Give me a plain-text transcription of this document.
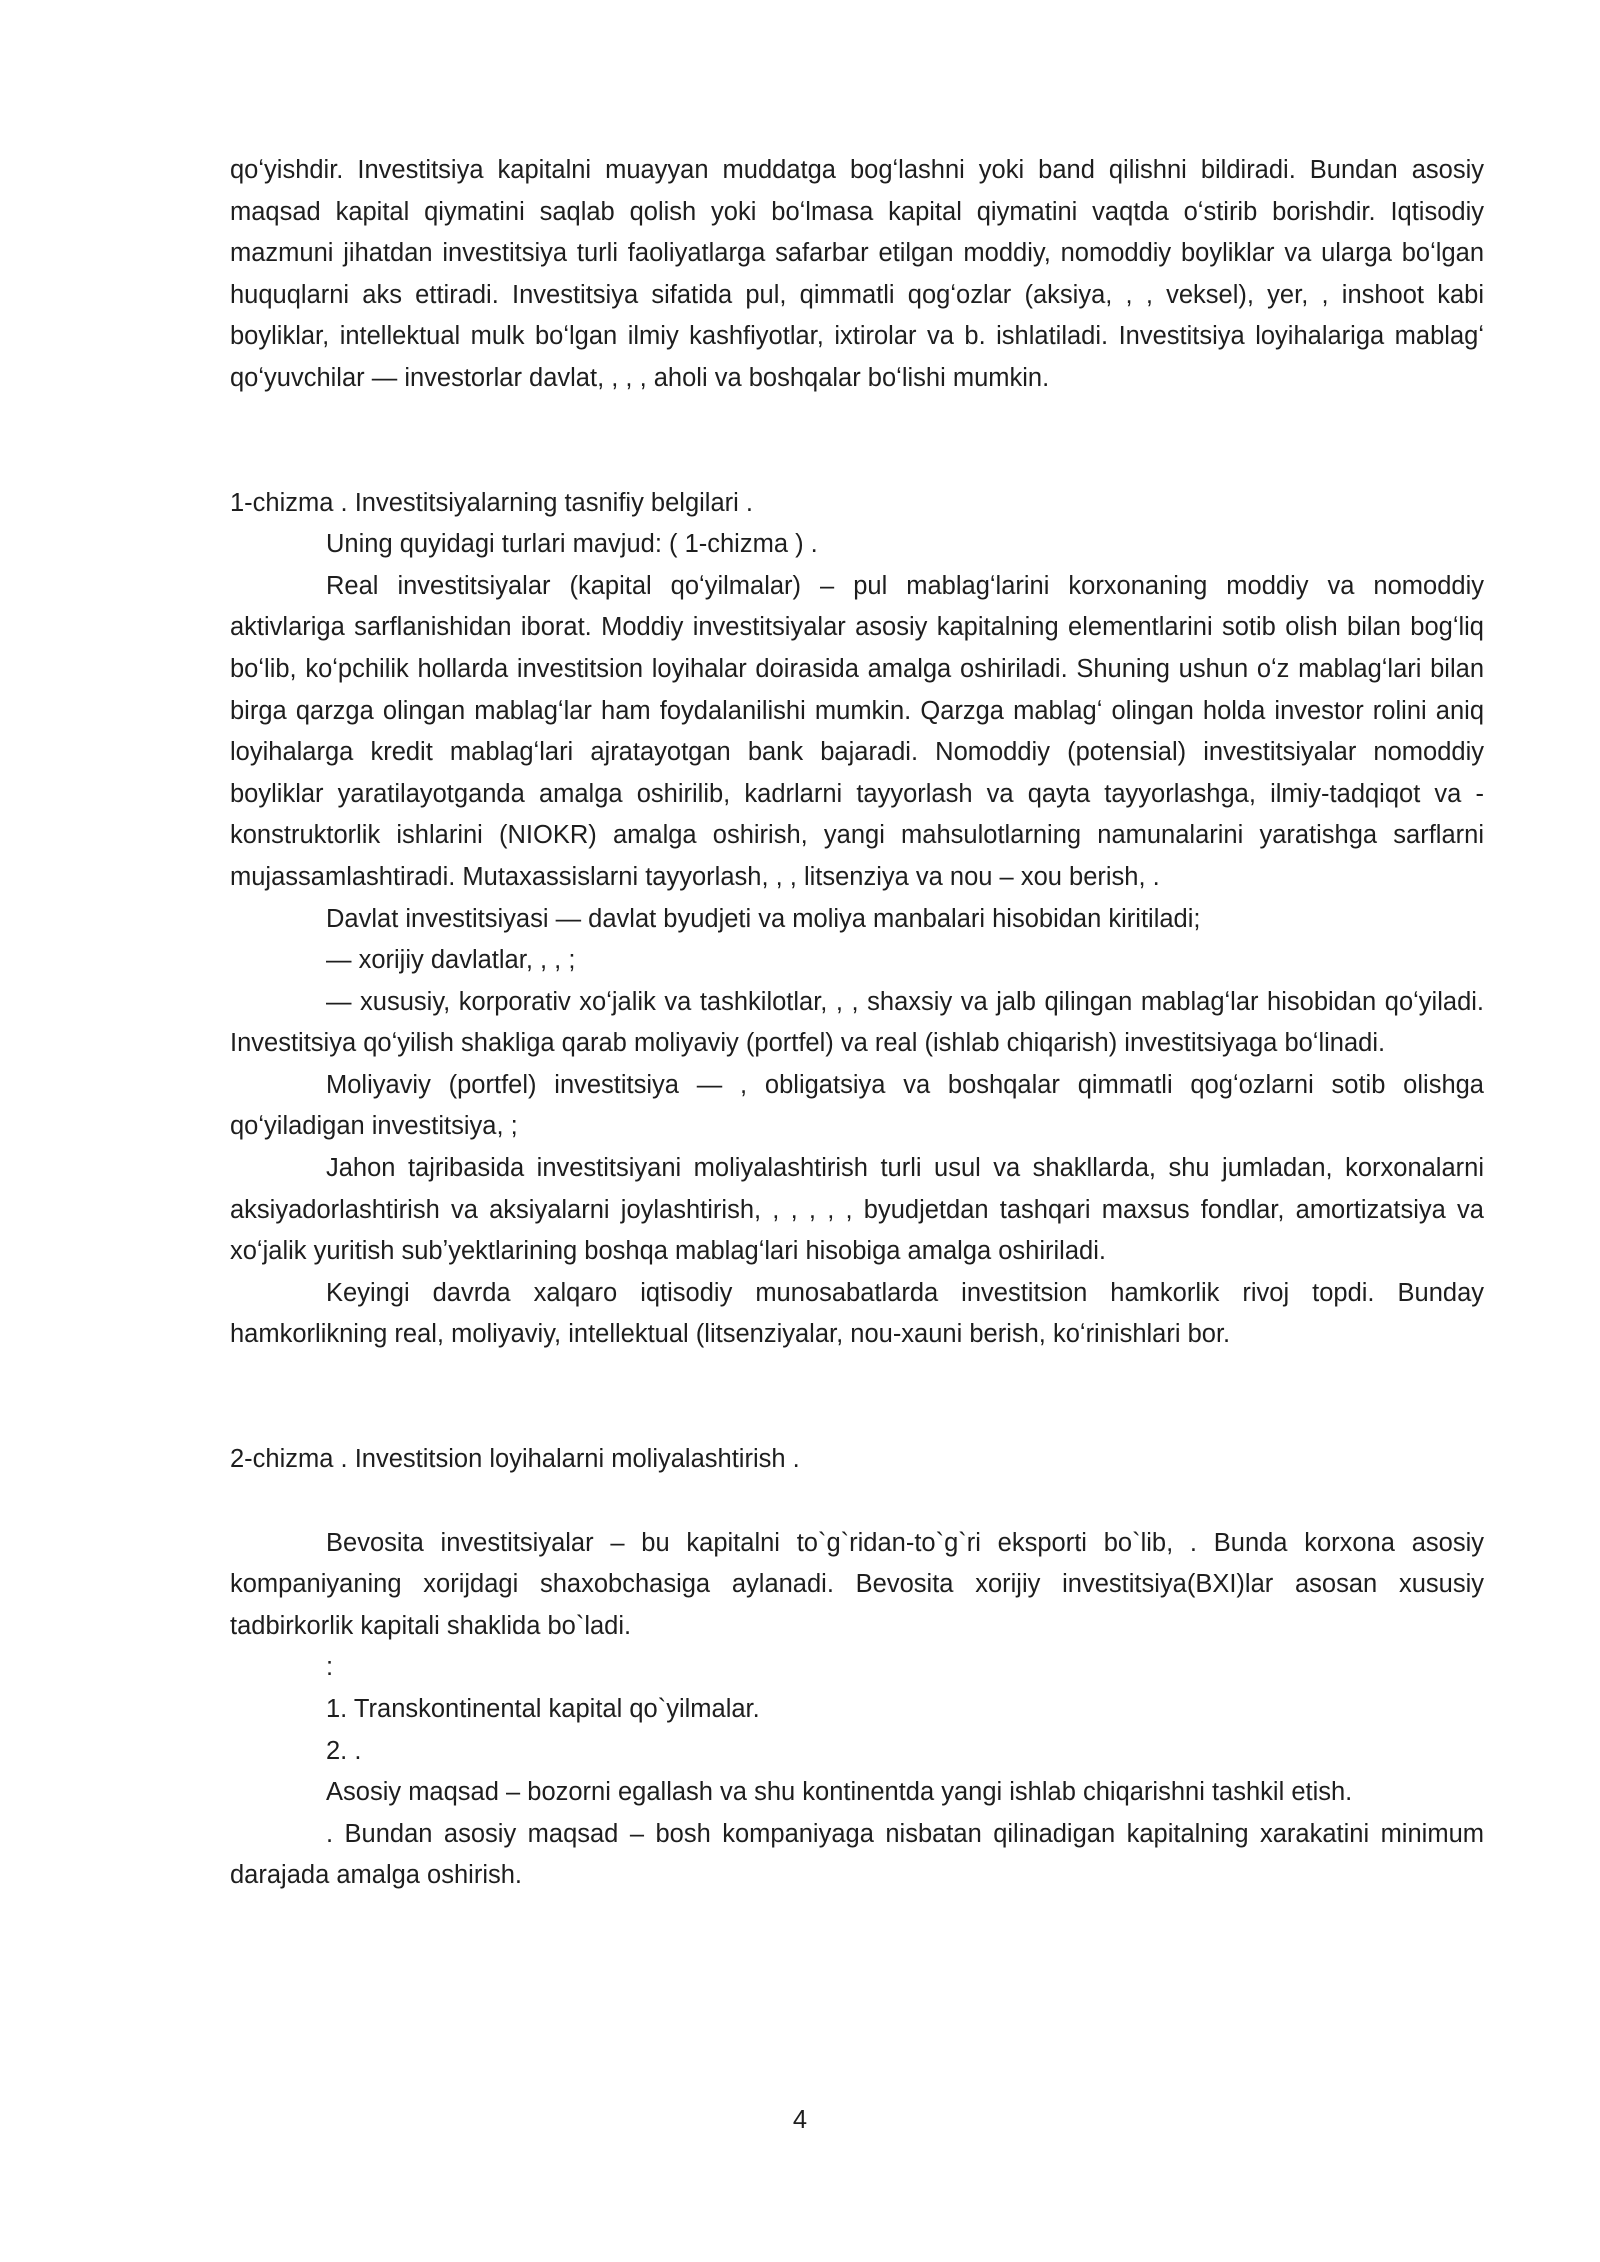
qoʻyishdir. Investitsiya kapitalni muayyan muddatga bogʻlashni yoki band qilishni bildiradi. Bundan asosiy maqsad kapital qiymatini saqlab qolish yoki boʻlmasa kapital qiymatini vaqtda oʻstirib borishdir. Iqtisodiy mazmuni jihatdan investitsiya turli faoliyatlarga safarbar etilgan moddiy, nomoddiy boyliklar va ularga boʻlgan huquqlarni aks ettiradi. Investitsiya sifatida pul, qimmatli qogʻozlar (aksiya, , , veksel), yer, , inshoot kabi boyliklar, intellektual mulk boʻlgan ilmiy kashfiyotlar, ixtirolar va b. ishlatiladi. Investitsiya loyihalariga mablagʻ qoʻyuvchilar — investorlar davlat, , , , aholi va boshqalar boʻlishi mumkin.

1-chizma . Investitsiyalarning tasnifiy belgilari .

Uning quyidagi turlari mavjud: ( 1-chizma ) .

Real investitsiyalar (kapital qoʻyilmalar) – pul mablagʻlarini korxonaning moddiy va nomoddiy aktivlariga sarflanishidan iborat. Moddiy investitsiyalar asosiy kapitalning elementlarini sotib olish bilan bogʻliq boʻlib, koʻpchilik hollarda investitsion loyihalar doirasida amalga oshiriladi. Shuning ushun oʻz mablagʻlari bilan birga qarzga olingan mablagʻlar ham foydalanilishi mumkin. Qarzga mablagʻ olingan holda investor rolini aniq loyihalarga kredit mablagʻlari ajratayotgan bank bajaradi. Nomoddiy (potensial) investitsiyalar nomoddiy boyliklar yaratilayotganda amalga oshirilib, kadrlarni tayyorlash va qayta tayyorlashga, ilmiy-tadqiqot va -konstruktorlik ishlarini (NIOKR) amalga oshirish, yangi mahsulotlarning namunalarini yaratishga sarflarni mujassamlashtiradi. Mutaxassislarni tayyorlash, , , litsenziya va nou – xou berish, .

Davlat investitsiyasi — davlat byudjeti va moliya manbalari hisobidan kiritiladi;

— xorijiy davlatlar, , , ;

— xususiy, korporativ xoʻjalik va tashkilotlar, , , shaxsiy va jalb qilingan mablagʻlar hisobidan qoʻyiladi. Investitsiya qoʻyilish shakliga qarab moliyaviy (portfel) va real (ishlab chiqarish) investitsiyaga boʻlinadi.

Moliyaviy (portfel) investitsiya — , obligatsiya va boshqalar qimmatli qogʻozlarni sotib olishga qoʻyiladigan investitsiya, ;

Jahon tajribasida investitsiyani moliyalashtirish turli usul va shakllarda, shu jumladan, korxonalarni aksiyadorlashtirish va aksiyalarni joylashtirish, , , , , , byudjetdan tashqari maxsus fondlar, amortizatsiya va xoʻjalik yuritish subʼyektlarining boshqa mablagʻlari hisobiga amalga oshiriladi.

Keyingi davrda xalqaro iqtisodiy munosabatlarda investitsion hamkorlik rivoj topdi. Bunday hamkorlikning real, moliyaviy, intellektual (litsenziyalar, nou-xauni berish, koʻrinishlari bor.

2-chizma . Investitsion loyihalarni moliyalashtirish .

Bevosita investitsiyalar – bu kapitalni to`g`ridan-to`g`ri eksporti bo`lib, . Bunda korxona asosiy kompaniyaning xorijdagi shaxobchasiga aylanadi. Bevosita xorijiy investitsiya(BXI)lar asosan xususiy tadbirkorlik kapitali shaklida bo`ladi.

:

1. Transkontinental kapital qo`yilmalar.

2. .

Asosiy maqsad – bozorni egallash va shu kontinentda yangi ishlab chiqarishni tashkil etish.

. Bundan asosiy maqsad – bosh kompaniyaga nisbatan qilinadigan kapitalning xarakatini minimum darajada amalga oshirish.

4
